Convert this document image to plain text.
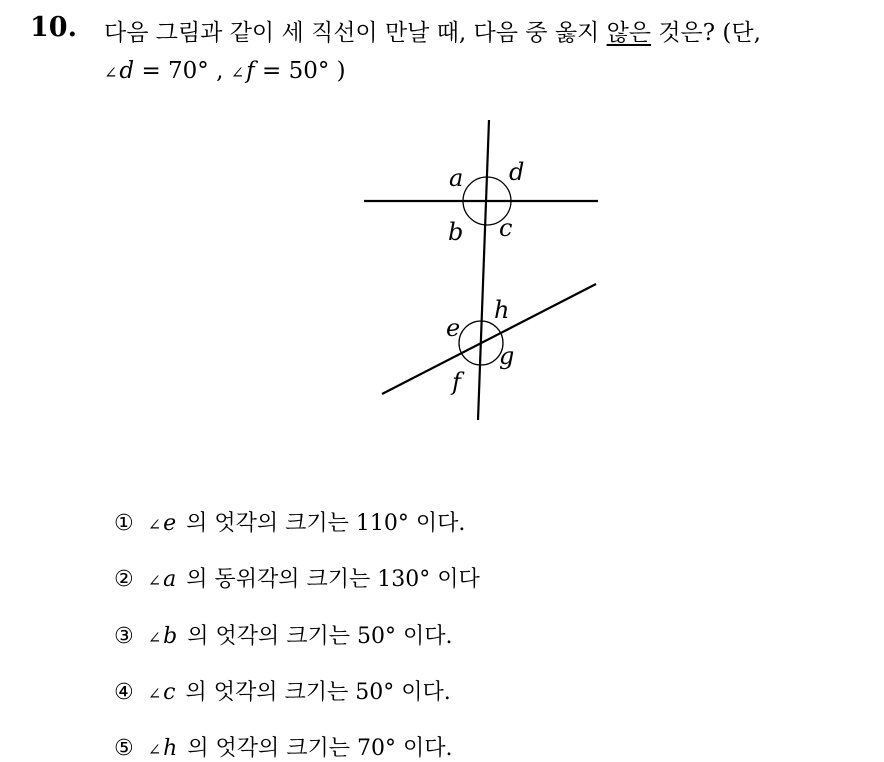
10. 다음 그림과 같이 세 직선이 만날 때, 다음 중 옳지 않은 것은? (단,
∠d = 70° , ∠f = 50° )
a d
b c
h
e
g
f
① ∠e 의 엇각의 크기는 110° 이다.
② ∠a 의 동위각의 크기는 130° 이다
③ ∠b 의 엇각의 크기는 50° 이다.
④ ∠c 의 엇각의 크기는 50° 이다.
⑤ ∠h 의 엇각의 크기는 70° 이다.
